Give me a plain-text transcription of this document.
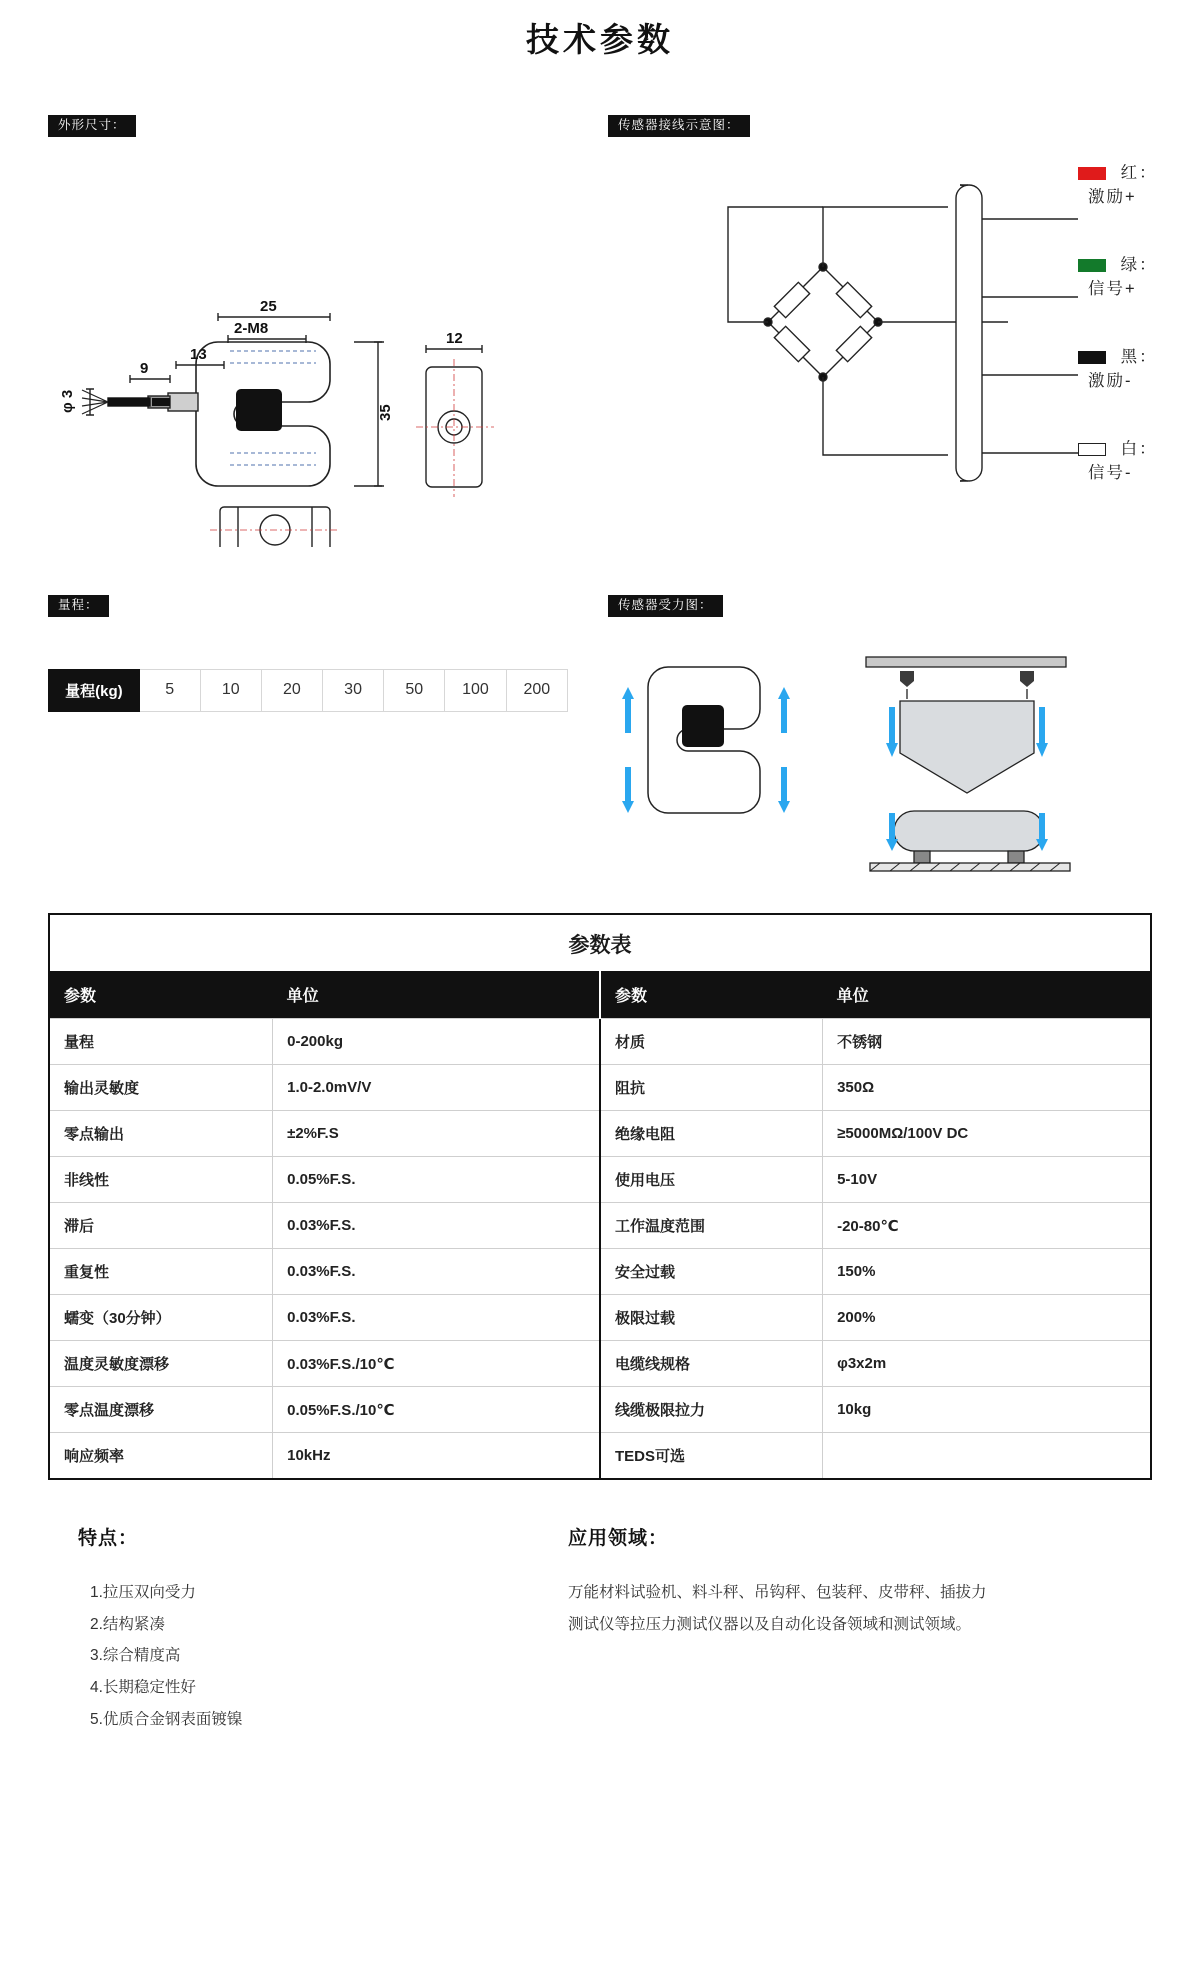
技术参数
外形尺寸：
25
2-M8
12
9
13
35
φ 3
传感器接线示意图：
红： 激励+
绿： 信号+
黑： 激励-
白： 信号-
量程：
量程(kg)	5	10	20	30	50	100	200
传感器受力图：
参数表
参数	单位	参数	单位
量程	0-200kg	材质	不锈钢
输出灵敏度	1.0-2.0mV/V	阻抗	350Ω
零点输出	±2%F.S	绝缘电阻	≥5000MΩ/100V DC
非线性	0.05%F.S.	使用电压	5-10V
滞后	0.03%F.S.	工作温度范围	-20-80℃
重复性	0.03%F.S.	安全过载	150%
蠕变（30分钟）	0.03%F.S.	极限过载	200%
温度灵敏度漂移	0.03%F.S./10℃	电缆线规格	φ3x2m
零点温度漂移	0.05%F.S./10℃	线缆极限拉力	10kg
响应频率	10kHz	TEDS可选	
特点：
1.拉压双向受力
2.结构紧凑
3.综合精度高
4.长期稳定性好
5.优质合金钢表面镀镍
应用领域：

万能材料试验机、料斗秤、吊钩秤、包装秤、皮带秤、插拔力测试仪等拉压力测试仪器以及自动化设备领域和测试领域。
